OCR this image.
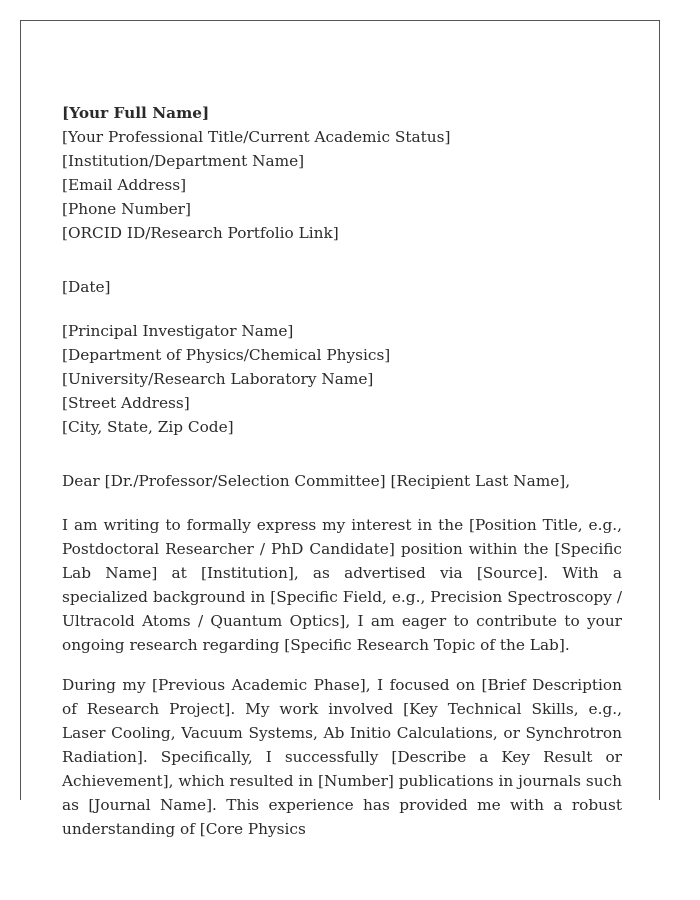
[Your Full Name]
[Your Professional Title/Current Academic Status]
[Institution/Department Name]
[Email Address]
[Phone Number]
[ORCID ID/Research Portfolio Link]
[Date]
[Principal Investigator Name]
[Department of Physics/Chemical Physics]
[University/Research Laboratory Name]
[Street Address]
[City, State, Zip Code]
Dear [Dr./Professor/Selection Committee] [Recipient Last Name],

I am writing to formally express my interest in the [Position Title, e.g., Postdoctoral Researcher / PhD Candidate] position within the [Specific Lab Name] at [Institution], as advertised via [Source]. With a specialized background in [Specific Field, e.g., Precision Spectroscopy / Ultracold Atoms / Quantum Optics], I am eager to contribute to your ongoing research regarding [Specific Research Topic of the Lab].

During my [Previous Academic Phase], I focused on [Brief Description of Research Project]. My work involved [Key Technical Skills, e.g., Laser Cooling, Vacuum Systems, Ab Initio Calculations, or Synchrotron Radiation]. Specifically, I successfully [Describe a Key Result or Achievement], which resulted in [Number] publications in journals such as [Journal Name]. This experience has provided me with a robust understanding of [Core Physics
